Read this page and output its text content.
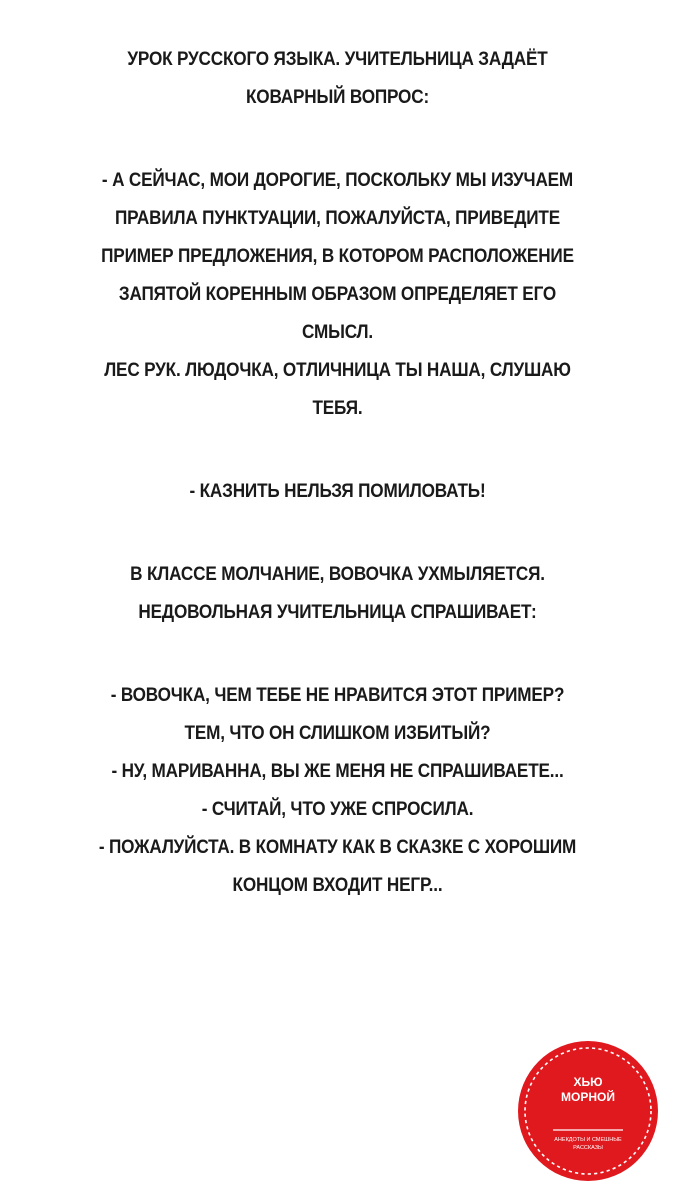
УРОК РУССКОГО ЯЗЫКА. УЧИТЕЛЬНИЦА ЗАДАЁТ
КОВАРНЫЙ ВОПРОС:
- А СЕЙЧАС, МОИ ДОРОГИЕ, ПОСКОЛЬКУ МЫ ИЗУЧАЕМ
ПРАВИЛА ПУНКТУАЦИИ, ПОЖАЛУЙСТА, ПРИВЕДИТЕ
ПРИМЕР ПРЕДЛОЖЕНИЯ, В КОТОРОМ РАСПОЛОЖЕНИЕ
ЗАПЯТОЙ КОРЕННЫМ ОБРАЗОМ ОПРЕДЕЛЯЕТ ЕГО
СМЫСЛ.
ЛЕС РУК. ЛЮДОЧКА, ОТЛИЧНИЦА ТЫ НАША, СЛУШАЮ
ТЕБЯ.
- КАЗНИТЬ НЕЛЬЗЯ ПОМИЛОВАТЬ!
В КЛАССЕ МОЛЧАНИЕ, ВОВОЧКА УХМЫЛЯЕТСЯ.
НЕДОВОЛЬНАЯ УЧИТЕЛЬНИЦА СПРАШИВАЕТ:
- ВОВОЧКА, ЧЕМ ТЕБЕ НЕ НРАВИТСЯ ЭТОТ ПРИМЕР?
ТЕМ, ЧТО ОН СЛИШКОМ ИЗБИТЫЙ?
- НУ, МАРИВАННА, ВЫ ЖЕ МЕНЯ НЕ СПРАШИВАЕТЕ...
- СЧИТАЙ, ЧТО УЖЕ СПРОСИЛА.
- ПОЖАЛУЙСТА. В КОМНАТУ КАК В СКАЗКЕ С ХОРОШИМ
КОНЦОМ ВХОДИТ НЕГР...
ХЬЮ
МОРНОЙ
АНЕКДОТЫ И СМЕШНЫЕ
РАССКАЗЫ
